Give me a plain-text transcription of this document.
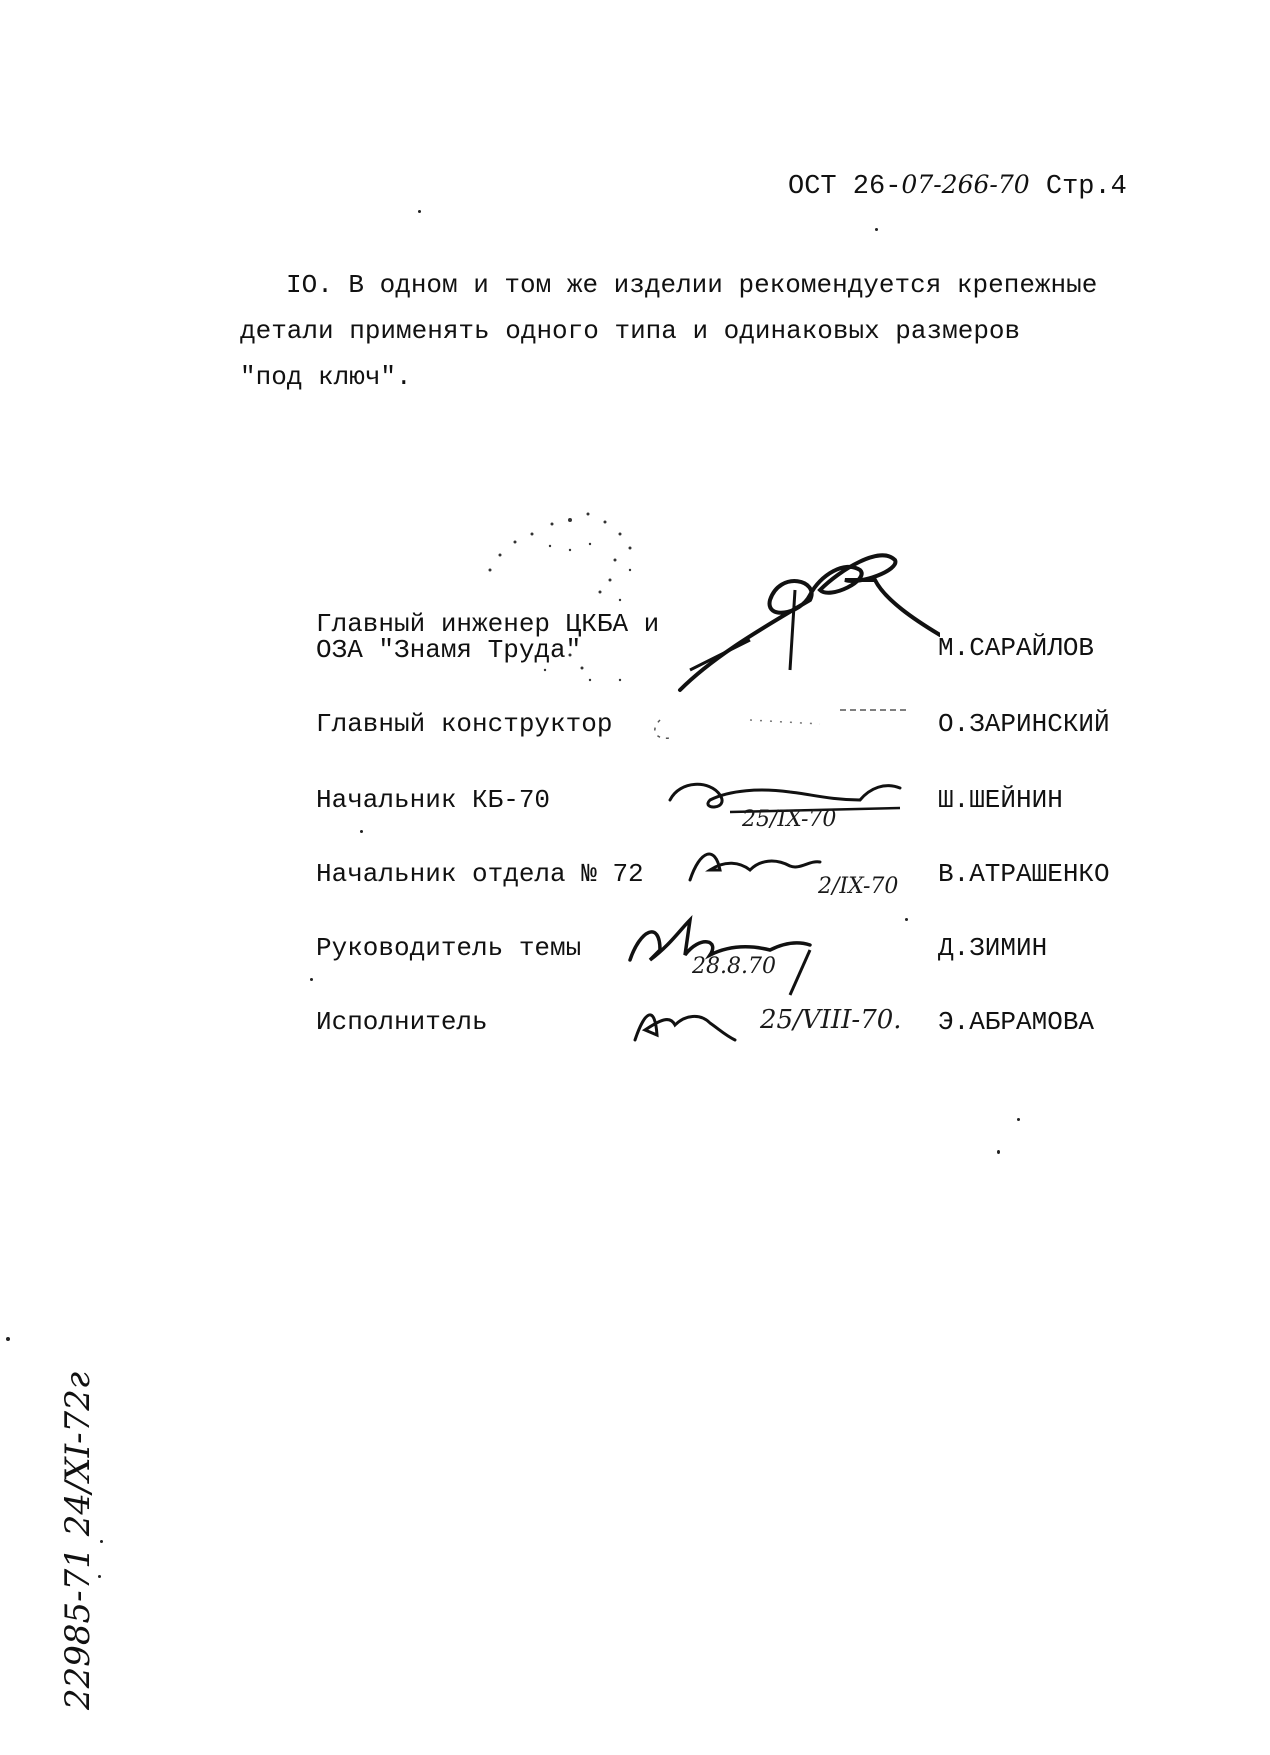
ОСТ 26-07-266-70 Стр.4
IO. В одном и том же изделии рекомендуется крепежные
детали применять одного типа и одинаковых размеров
"под ключ".
Главный инженер ЦКБА и
ОЗА "Знамя Труда"	М.САРАЙЛОВ
Главный конструктор	О.ЗАРИНСКИЙ
Начальник КБ-70	Ш.ШЕЙНИН
25/IX-70
Начальник отдела № 72	В.АТРАШЕНКО
2/IX-70
Руководитель темы	Д.ЗИМИН
28.8.70
Исполнитель	Э.АБРАМОВА
25/VIII-70.
22985-71 24/XI-72г
